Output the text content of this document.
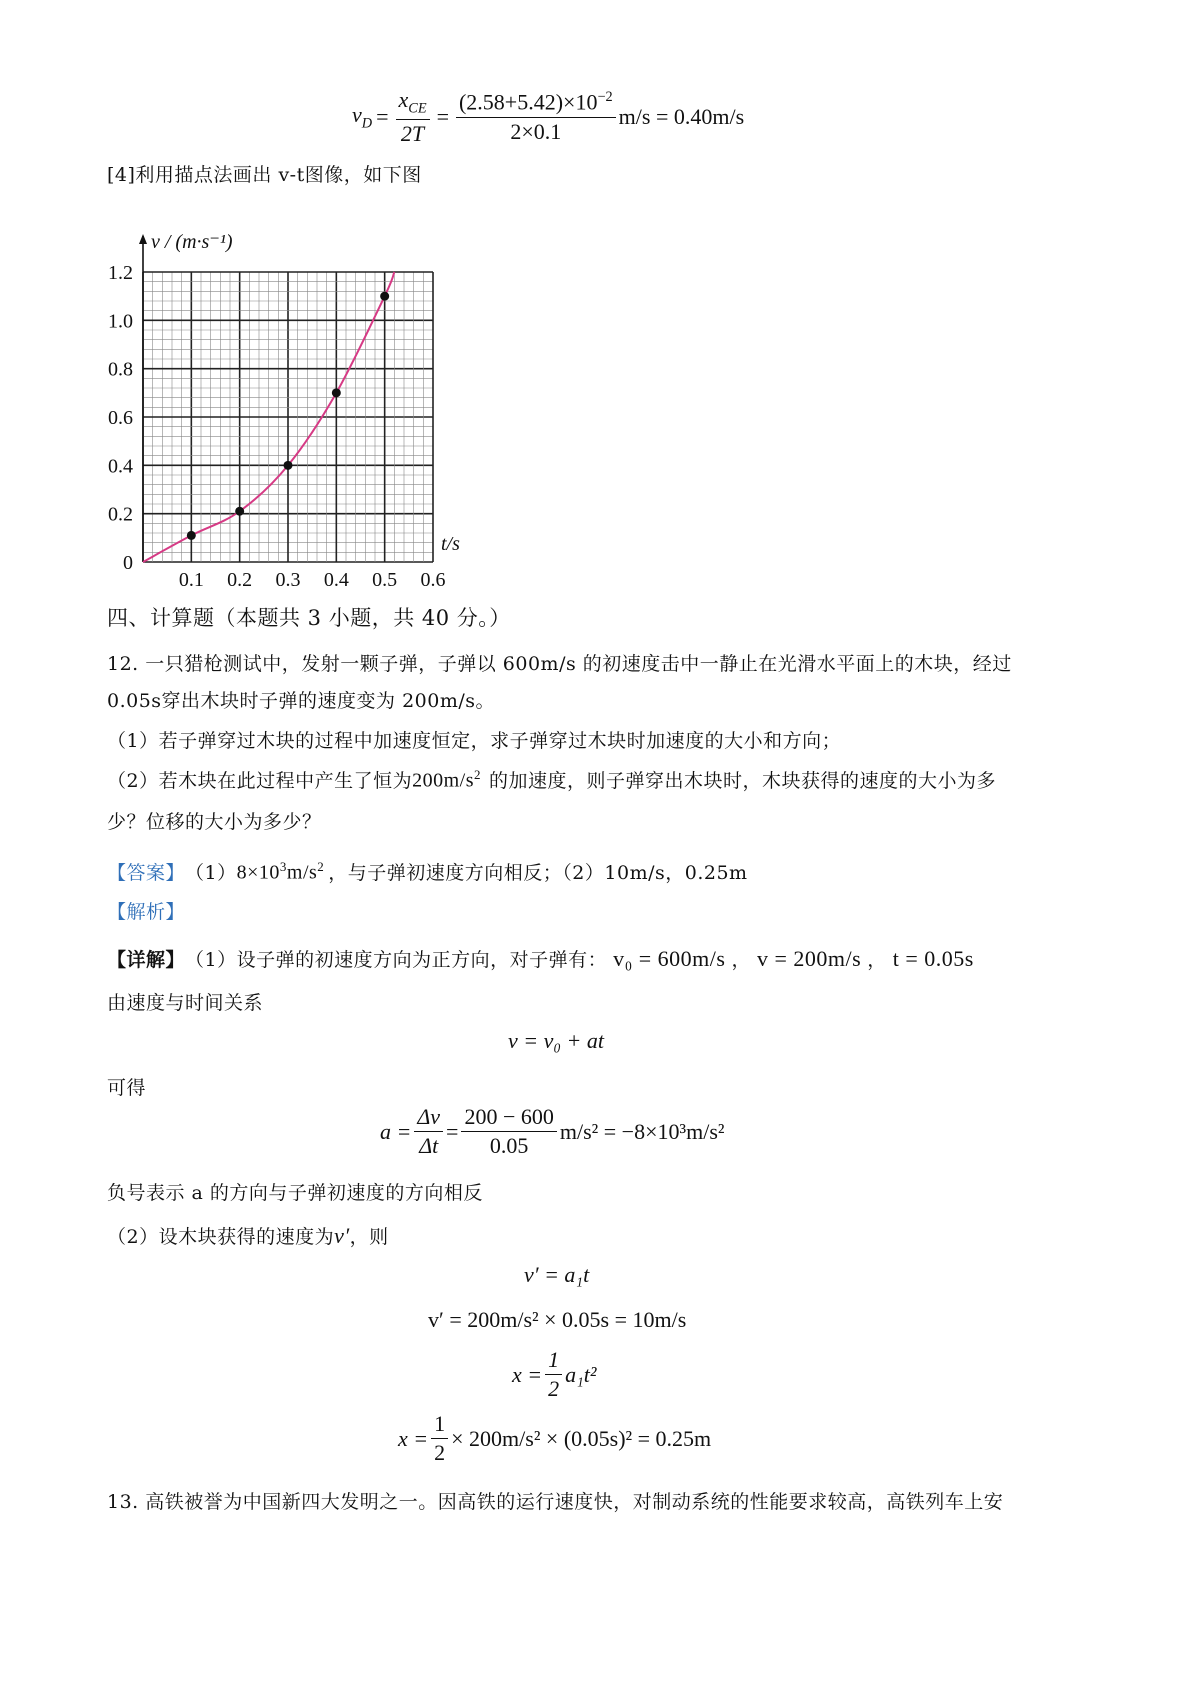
$v_D = \frac{x_{CE}}{2T} = \frac{(2.58+5.42)\times 10^{-2}}{2\times 0.1} m/s = 0.40m/s$
[4]利用描点法画出 v-t图像，如下图
v / (m·s⁻¹)
t/s
0
0.2
0.4
0.6
0.8
1.0
1.2
0.1 0.2 0.3 0.4 0.5 0.6
四、计算题（本题共 3 小题，共 40 分。）
12. 一只猎枪测试中，发射一颗子弹，子弹以 600m/s 的初速度击中一静止在光滑水平面上的木块，经过
0.05s穿出木块时子弹的速度变为 200m/s。
（1）若子弹穿过木块的过程中加速度恒定，求子弹穿过木块时加速度的大小和方向；
（2）若木块在此过程中产生了恒为 $200m/s^2$ 的加速度，则子弹穿出木块时，木块获得的速度的大小为多
少？位移的大小为多少？
【答案】 （1） $8\times 10^3m/s^2$ ，与子弹初速度方向相反；（2）10m/s，0.25m
【解析】
【详解】 （1）设子弹的初速度方向为正方向，对子弹有： v₀ = 600m/s ， v = 200m/s ， t = 0.05s
由速度与时间关系
v = v₀ + at
可得
$a = \frac{\Delta v}{\Delta t} = \frac{200 - 600}{0.05} m/s^2 = -8\times 10^3m/s^2$
负号表示 a 的方向与子弹初速度的方向相反
（2）设木块获得的速度为 v′ ，则
v′ = a₁t
v′ = 200m/s² × 0.05s = 10m/s
$x = \frac{1}{2} a_1t^2$
$x = \frac{1}{2} \times 200m/s^2 \times (0.05s)^2 = 0.25m$
13. 高铁被誉为中国新四大发明之一。因高铁的运行速度快，对制动系统的性能要求较高，高铁列车上安
